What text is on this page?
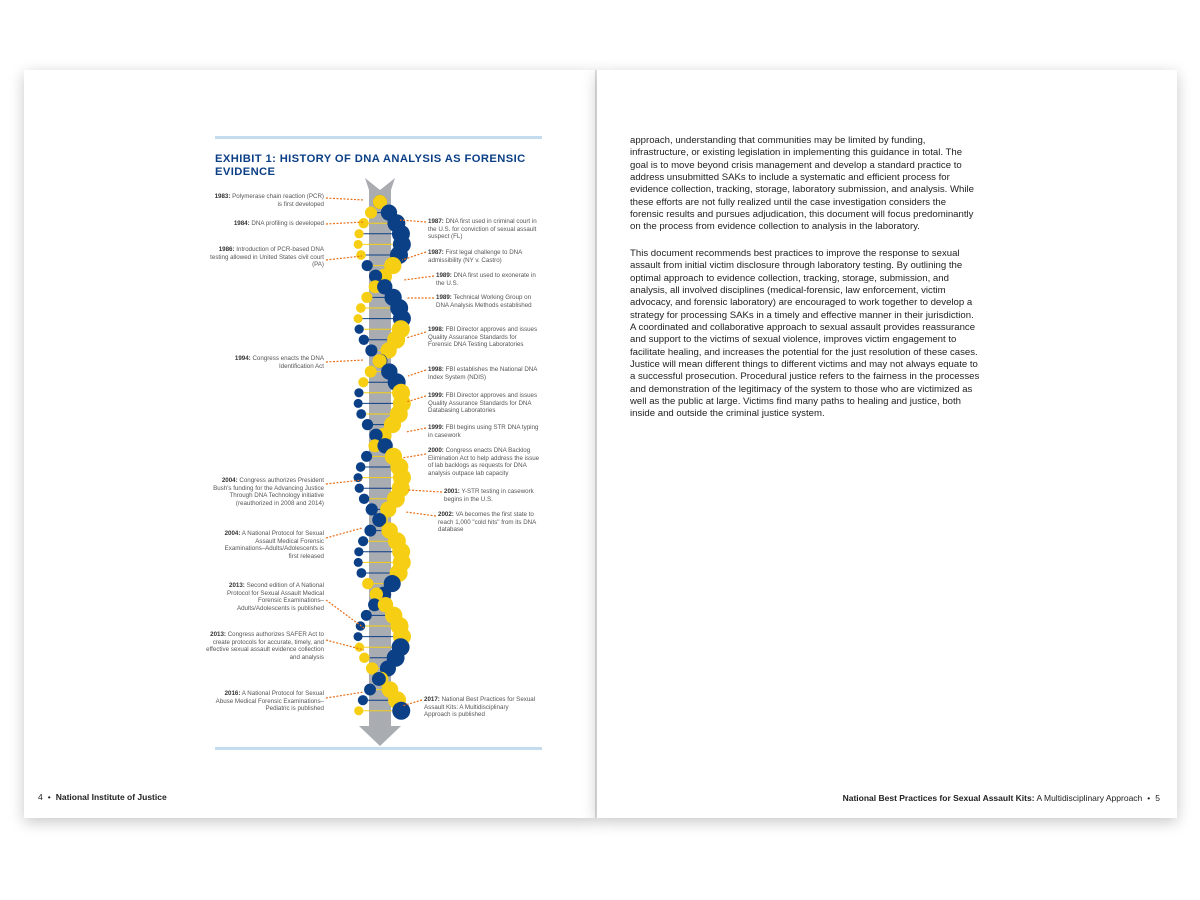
EXHIBIT 1: HISTORY OF DNA ANALYSIS AS FORENSIC EVIDENCE
1983: Polymerase chain reaction (PCR) is first developed
1984: DNA profiling is developed
1986: Introduction of PCR-based DNA testing allowed in United States civil court (PA)
1994: Congress enacts the DNA Identification Act
2004: Congress authorizes President Bush's funding for the Advancing Justice Through DNA Technology initiative (reauthorized in 2008 and 2014)
2004: A National Protocol for Sexual Assault Medical Forensic Examinations–Adults/Adolescents is first released
2013: Second edition of A National Protocol for Sexual Assault Medical Forensic Examinations–Adults/Adolescents is published
2013: Congress authorizes SAFER Act to create protocols for accurate, timely, and effective sexual assault evidence collection and analysis
2016: A National Protocol for Sexual Abuse Medical Forensic Examinations–Pediatric is published
1987: DNA first used in criminal court in the U.S. for conviction of sexual assault suspect (FL)
1987: First legal challenge to DNA admissibility (NY v. Castro)
1989: DNA first used to exonerate in the U.S.
1989: Technical Working Group on DNA Analysis Methods established
1998: FBI Director approves and issues Quality Assurance Standards for Forensic DNA Testing Laboratories
1998: FBI establishes the National DNA Index System (NDIS)
1999: FBI Director approves and issues Quality Assurance Standards for DNA Databasing Laboratories
1999: FBI begins using STR DNA typing in casework
2000: Congress enacts DNA Backlog Elimination Act to help address the issue of lab backlogs as requests for DNA analysis outpace lab capacity
2001: Y-STR testing in casework begins in the U.S.
2002: VA becomes the first state to reach 1,000 "cold hits" from its DNA database
2017: National Best Practices for Sexual Assault Kits: A Multidisciplinary Approach is published
4 • National Institute of Justice
approach, understanding that communities may be limited by funding, infrastructure, or existing legislation in implementing this guidance in total. The goal is to move beyond crisis management and develop a standard practice to address unsubmitted SAKs to include a systematic and efficient process for evidence collection, tracking, storage, laboratory submission, and analysis. While these efforts are not fully realized until the case investigation considers the forensic results and pursues adjudication, this document will focus predominantly on the process from evidence collection to analysis in the laboratory.
This document recommends best practices to improve the response to sexual assault from initial victim disclosure through laboratory testing. By outlining the optimal approach to evidence collection, tracking, storage, submission, and analysis, all involved disciplines (medical-forensic, law enforcement, victim advocacy, and forensic laboratory) are encouraged to work together to develop a strategy for processing SAKs in a timely and effective manner in their jurisdiction. A coordinated and collaborative approach to sexual assault provides reassurance and support to the victims of sexual violence, improves victim engagement to facilitate healing, and increases the potential for the just resolution of these cases. Justice will mean different things to different victims and may not always equate to a successful prosecution. Procedural justice refers to the fairness in the processes and demonstration of the legitimacy of the system to those who are victimized as well as the public at large. Victims find many paths to healing and justice, both inside and outside the criminal justice system.
National Best Practices for Sexual Assault Kits: A Multidisciplinary Approach • 5
